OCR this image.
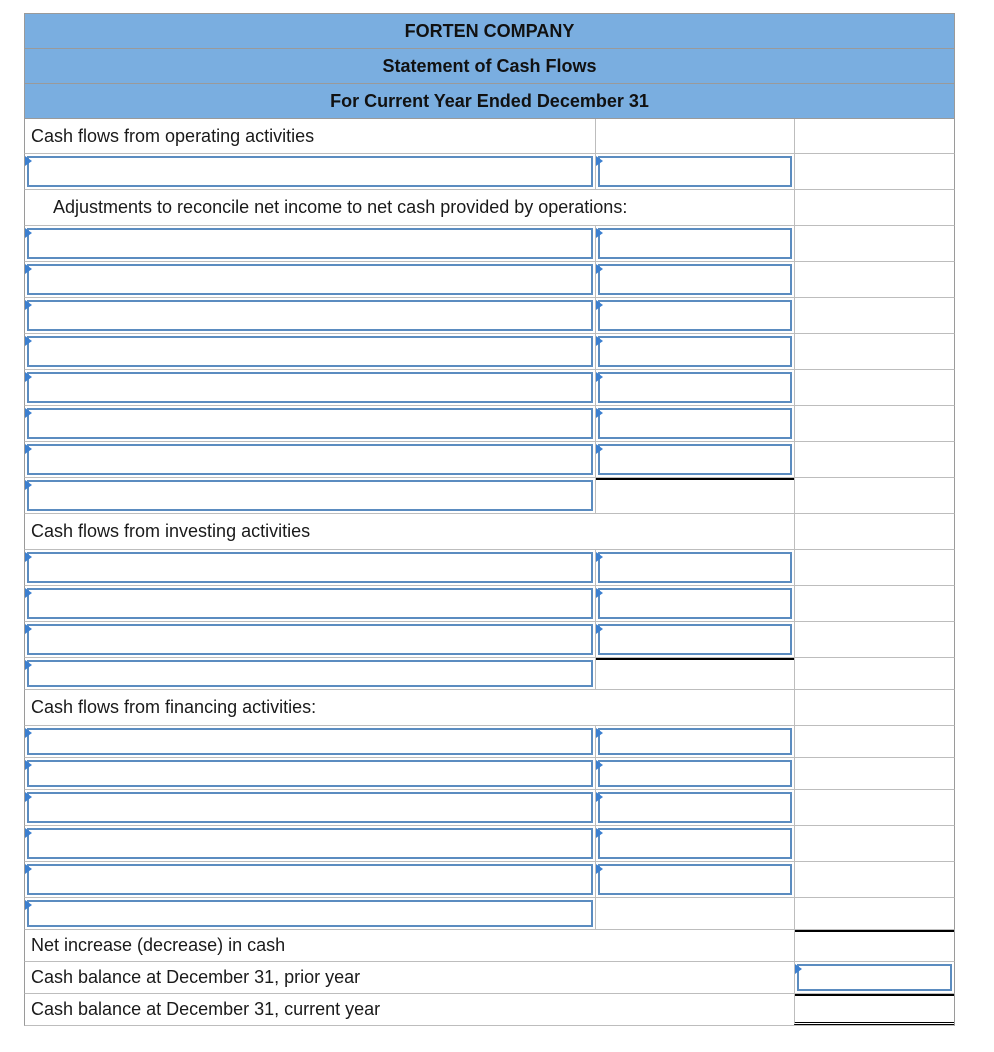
FORTEN COMPANY
Statement of Cash Flows
For Current Year Ended December 31
Cash flows from operating activities
Adjustments to reconcile net income to net cash provided by operations:
Cash flows from investing activities
Cash flows from financing activities:
Net increase (decrease) in cash
Cash balance at December 31, prior year
Cash balance at December 31, current year
